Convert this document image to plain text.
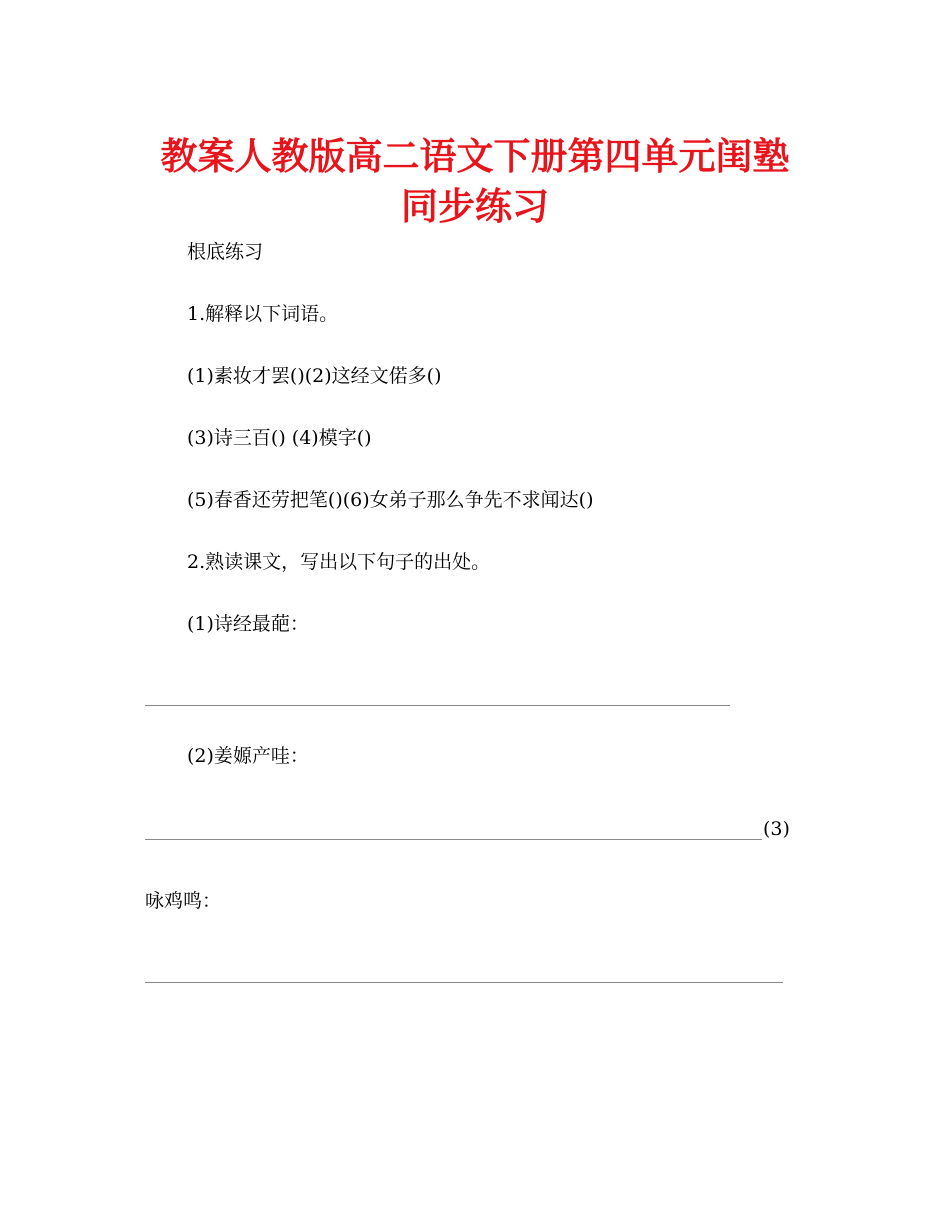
教案人教版高二语文下册第四单元闺塾同步练习
根底练习
1.解释以下词语。
(1)素妆才罢()(2)这经文偌多()
(3)诗三百() (4)模字()
(5)春香还劳把笔()(6)女弟子那么争先不求闻达()
2.熟读课文，写出以下句子的出处。
(1)诗经最葩：
(2)姜嫄产哇：
(3)
咏鸡鸣：
